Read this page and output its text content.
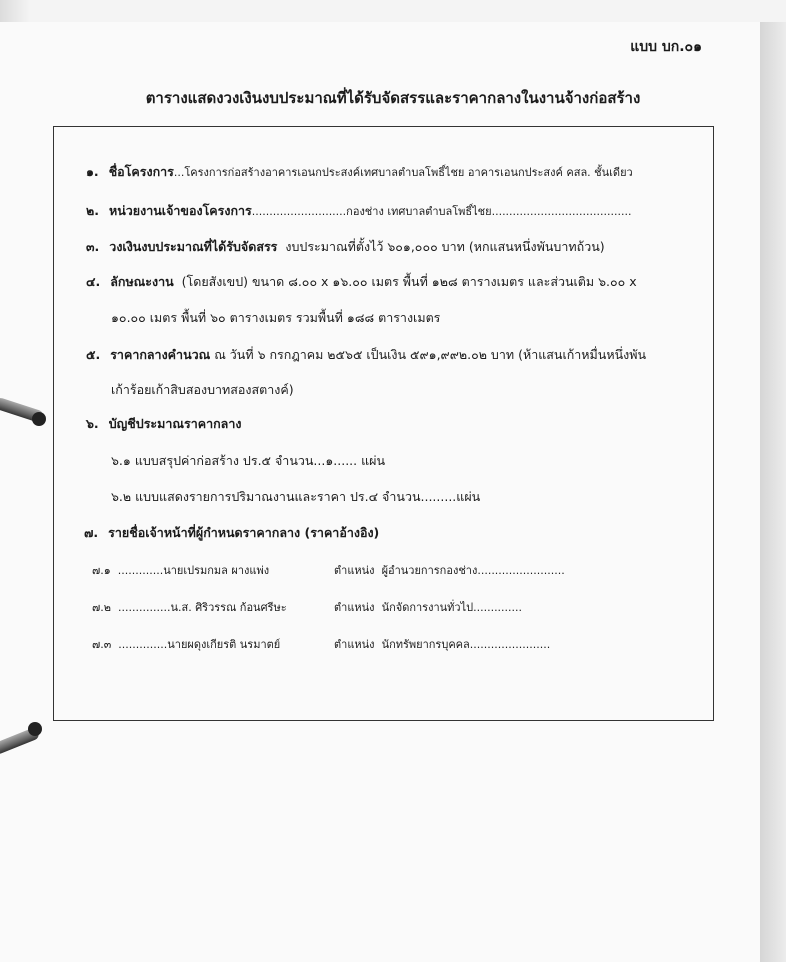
แบบ บก.๐๑
ตารางแสดงวงเงินงบประมาณที่ได้รับจัดสรรและราคากลางในงานจ้างก่อสร้าง
๑. ชื่อโครงการ...โครงการก่อสร้างอาคารเอนกประสงค์เทศบาลตำบลโพธิ์ไชย อาคารเอนกประสงค์ คสล. ชั้นเดียว
๒. หน่วยงานเจ้าของโครงการ...........................กองช่าง เทศบาลตำบลโพธิ์ไชย........................................
๓. วงเงินงบประมาณที่ได้รับจัดสรร งบประมาณที่ตั้งไว้ ๖๐๑,๐๐๐ บาท (หกแสนหนึ่งพันบาทถ้วน)
๔. ลักษณะงาน (โดยสังเขป) ขนาด ๘.๐๐ x ๑๖.๐๐ เมตร พื้นที่ ๑๒๘ ตารางเมตร และส่วนเติม ๖.๐๐ x
๑๐.๐๐ เมตร พื้นที่ ๖๐ ตารางเมตร รวมพื้นที่ ๑๘๘ ตารางเมตร
๕. ราคากลางคำนวณ ณ วันที่ ๖ กรกฎาคม ๒๕๖๕ เป็นเงิน ๕๙๑,๙๙๒.๐๒ บาท (ห้าแสนเก้าหมื่นหนึ่งพัน
เก้าร้อยเก้าสิบสองบาทสองสตางค์)
๖. บัญชีประมาณราคากลาง
๖.๑ แบบสรุปค่าก่อสร้าง ปร.๕ จำนวน...๑...... แผ่น
๖.๒ แบบแสดงรายการปริมาณงานและราคา ปร.๔ จำนวน.........แผ่น
๗. รายชื่อเจ้าหน้าที่ผู้กำหนดราคากลาง (ราคาอ้างอิง)
๗.๑ .............นายเปรมกมล ผางแพ่ง	ตำแหน่ง ผู้อำนวยการกองช่าง.........................
๗.๒ ...............น.ส. ศิริวรรณ ก้อนศรีษะ	ตำแหน่ง นักจัดการงานทั่วไป..............
๗.๓ ..............นายผดุงเกียรติ นรมาตย์	ตำแหน่ง นักทรัพยากรบุคคล.......................
